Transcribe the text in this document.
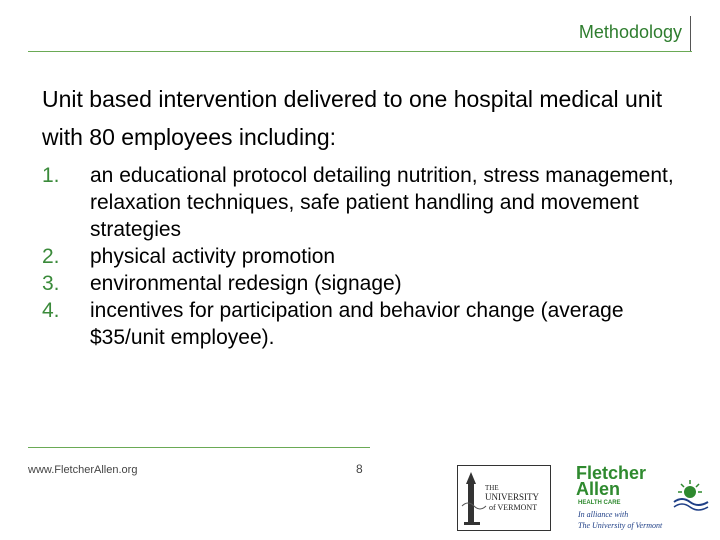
Methodology
Unit based intervention delivered to one hospital medical unit with 80 employees including:
1. an educational protocol detailing nutrition, stress management, relaxation techniques, safe patient handling and movement strategies
2. physical activity promotion
3. environmental redesign (signage)
4. incentives for participation and behavior change (average $35/unit employee).
www.FletcherAllen.org	8
THE
UNIVERSITY
of VERMONT
Fletcher
Allen
HEALTH CARE
In alliance with
The University of Vermont
